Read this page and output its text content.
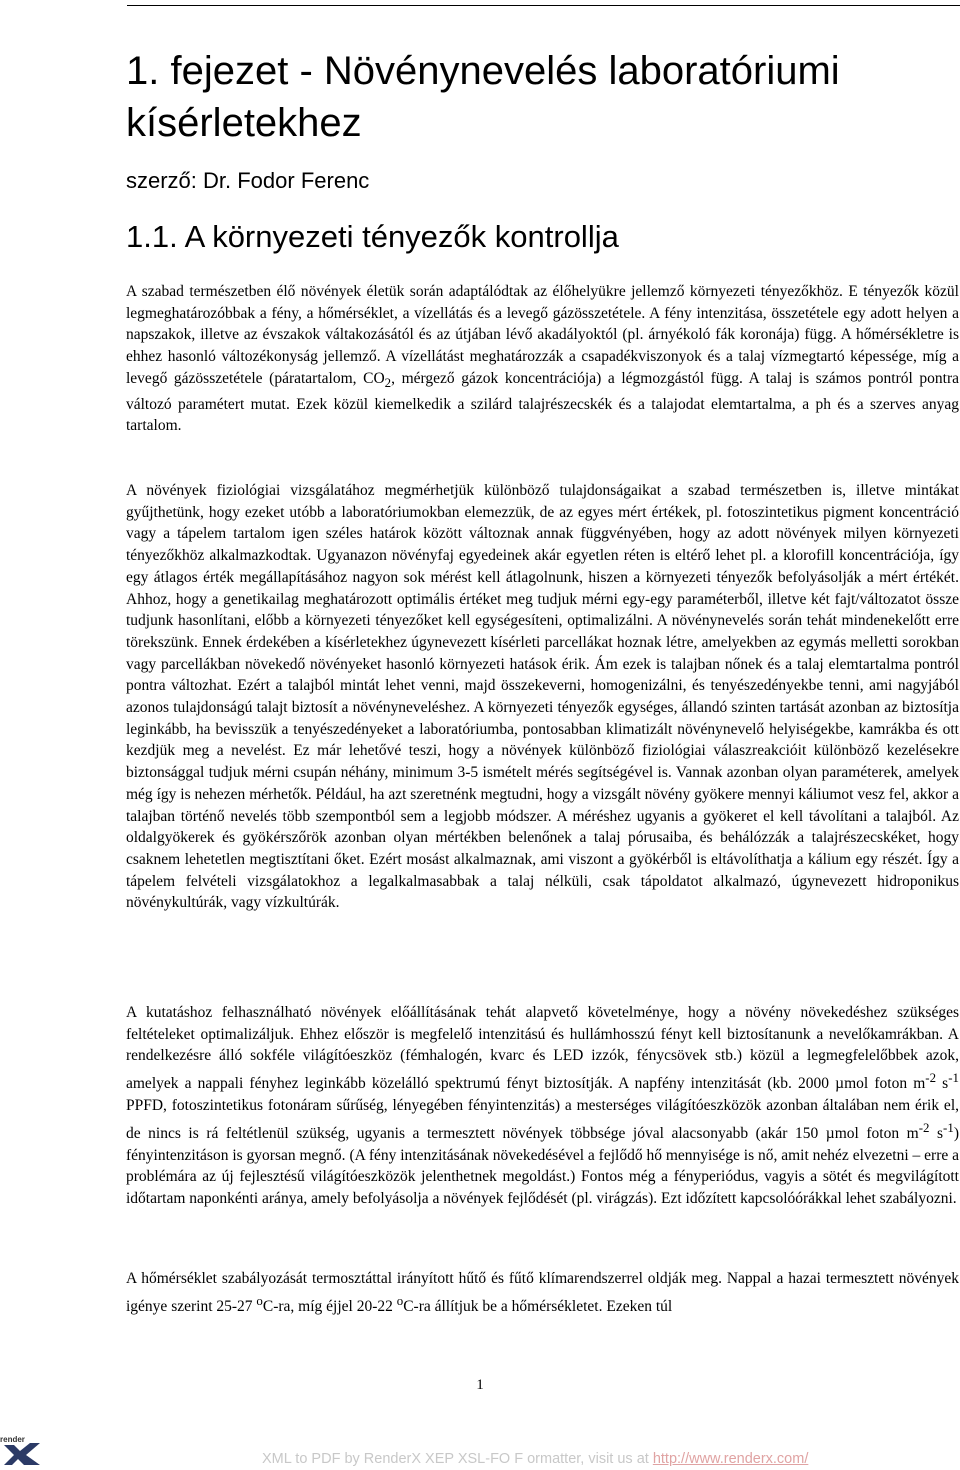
1. fejezet - Növénynevelés laboratóriumi kísérletekhez
szerző: Dr. Fodor Ferenc
1.1. A környezeti tényezők kontrollja

A szabad természetben élő növények életük során adaptálódtak az élőhelyükre jellemző környezeti tényezőkhöz. E tényezők közül legmeghatározóbbak a fény, a hőmérséklet, a vízellátás és a levegő gázösszetétele. A fény intenzitása, összetétele egy adott helyen a napszakok, illetve az évszakok váltakozásától és az útjában lévő akadályoktól (pl. árnyékoló fák koronája) függ. A hőmérsékletre is ehhez hasonló változékonyság jellemző. A vízellátást meghatározzák a csapadékviszonyok és a talaj vízmegtartó képessége, míg a levegő gázösszetétele (páratartalom, $CO_2$, mérgező gázok koncentrációja) a légmozgástól függ. A talaj is számos pontról pontra változó paramétert mutat. Ezek közül kiemelkedik a szilárd talajrészecskék és a talajodat elemtartalma, a ph és a szerves anyag tartalom.

A növények fiziológiai vizsgálatához megmérhetjük különböző tulajdonságaikat a szabad természetben is, illetve mintákat gyűjthetünk, hogy ezeket utóbb a laboratóriumokban elemezzük, de az egyes mért értékek, pl. fotoszintetikus pigment koncentráció vagy a tápelem tartalom igen széles határok között változnak annak függvényében, hogy az adott növények milyen környezeti tényezőkhöz alkalmazkodtak. Ugyanazon növényfaj egyedeinek akár egyetlen réten is eltérő lehet pl. a klorofill koncentrációja, így egy átlagos érték megállapításához nagyon sok mérést kell átlagolnunk, hiszen a környezeti tényezők befolyásolják a mért értékét. Ahhoz, hogy a genetikailag meghatározott optimális értéket meg tudjuk mérni egy-egy paraméterből, illetve két fajt/változatot össze tudjunk hasonlítani, előbb a környezeti tényezőket kell egységesíteni, optimalizálni. A növénynevelés során tehát mindenekelőtt erre törekszünk. Ennek érdekében a kísérletekhez úgynevezett kísérleti parcellákat hoznak létre, amelyekben az egymás melletti sorokban vagy parcellákban növekedő növényeket hasonló környezeti hatások érik. Ám ezek is talajban nőnek és a talaj elemtartalma pontról pontra változhat. Ezért a talajból mintát lehet venni, majd összekeverni, homogenizálni, és tenyészedényekbe tenni, ami nagyjából azonos tulajdonságú talajt biztosít a növényneveléshez. A környezeti tényezők egységes, állandó szinten tartását azonban az biztosítja leginkább, ha bevisszük a tenyészedényeket a laboratóriumba, pontosabban klimatizált növénynevelő helyiségekbe, kamrákba és ott kezdjük meg a nevelést. Ez már lehetővé teszi, hogy a növények különböző fiziológiai válaszreakcióit különböző kezelésekre biztonsággal tudjuk mérni csupán néhány, minimum 3-5 ismételt mérés segítségével is. Vannak azonban olyan paraméterek, amelyek még így is nehezen mérhetők. Például, ha azt szeretnénk megtudni, hogy a vizsgált növény gyökere mennyi káliumot vesz fel, akkor a talajban történő nevelés több szempontból sem a legjobb módszer. A méréshez ugyanis a gyökeret el kell távolítani a talajból. Az oldalgyökerek és gyökérszőrök azonban olyan mértékben belenőnek a talaj pórusaiba, és behálózzák a talajrészecskéket, hogy csaknem lehetetlen megtisztítani őket. Ezért mosást alkalmaznak, ami viszont a gyökérből is eltávolíthatja a kálium egy részét. Így a tápelem felvételi vizsgálatokhoz a legalkalmasabbak a talaj nélküli, csak tápoldatot alkalmazó, úgynevezett hidroponikus növénykultúrák, vagy vízkultúrák.

A kutatáshoz felhasználható növények előállításának tehát alapvető követelménye, hogy a növény növekedéshez szükséges feltételeket optimalizáljuk. Ehhez először is megfelelő intenzitású és hullámhosszú fényt kell biztosítanunk a nevelőkamrákban. A rendelkezésre álló sokféle világítóeszköz (fémhalogén, kvarc és LED izzók, fénycsövek stb.) közül a legmegfelelőbbek azok, amelyek a nappali fényhez leginkább közelálló spektrumú fényt biztosítják. A napfény intenzitását (kb. 2000 µmol foton $m^{-2}$ $s^{-1}$ PPFD, fotoszintetikus fotonáram sűrűség, lényegében fényintenzitás) a mesterséges világítóeszközök azonban általában nem érik el, de nincs is rá feltétlenül szükség, ugyanis a termesztett növények többsége jóval alacsonyabb (akár 150 µmol foton $m^{-2}$ $s^{-1}$) fényintenzitáson is gyorsan megnő. (A fény intenzitásának növekedésével a fejlődő hő mennyisége is nő, amit nehéz elvezetni – erre a problémára az új fejlesztésű világítóeszközök jelenthetnek megoldást.) Fontos még a fényperiódus, vagyis a sötét és megvilágított időtartam naponkénti aránya, amely befolyásolja a növények fejlődését (pl. virágzás). Ezt időzített kapcsolóórákkal lehet szabályozni.

A hőmérséklet szabályozását termosztáttal irányított hűtő és fűtő klímarendszerrel oldják meg. Nappal a hazai termesztett növények igénye szerint 25-27 $^o$C-ra, míg éjjel 20-22 $^o$C-ra állítjuk be a hőmérsékletet. Ezeken túl

1
render
XML to PDF by RenderX XEP XSL-FO F ormatter, visit us at http://www.renderx.com/
